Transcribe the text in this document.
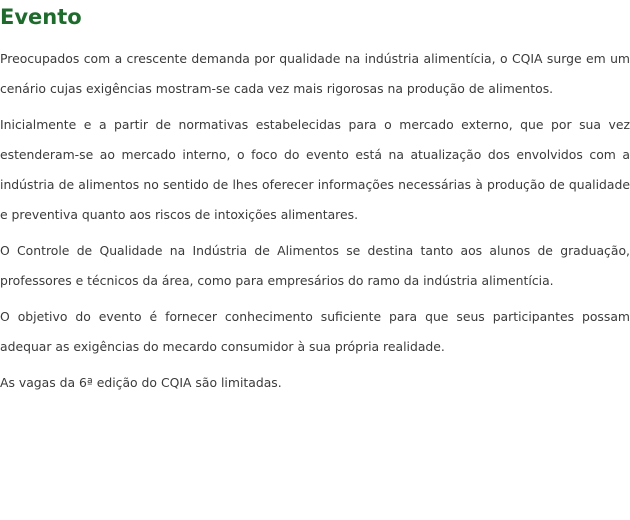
Evento

Preocupados com a crescente demanda por qualidade na indústria alimentícia, o CQIA surge em um cenário cujas exigências mostram-se cada vez mais rigorosas na produção de alimentos.

Inicialmente e a partir de normativas estabelecidas para o mercado externo, que por sua vez estenderam-se ao mercado interno, o foco do evento está na atualização dos envolvidos com a indústria de alimentos no sentido de lhes oferecer informações necessárias à produção de qualidade e preventiva quanto aos riscos de intoxições alimentares.

O Controle de Qualidade na Indústria de Alimentos se destina tanto aos alunos de graduação, professores e técnicos da área, como para empresários do ramo da indústria alimentícia.

O objetivo do evento é fornecer conhecimento suficiente para que seus participantes possam adequar as exigências do mecardo consumidor à sua própria realidade.

As vagas da 6ª edição do CQIA são limitadas.
